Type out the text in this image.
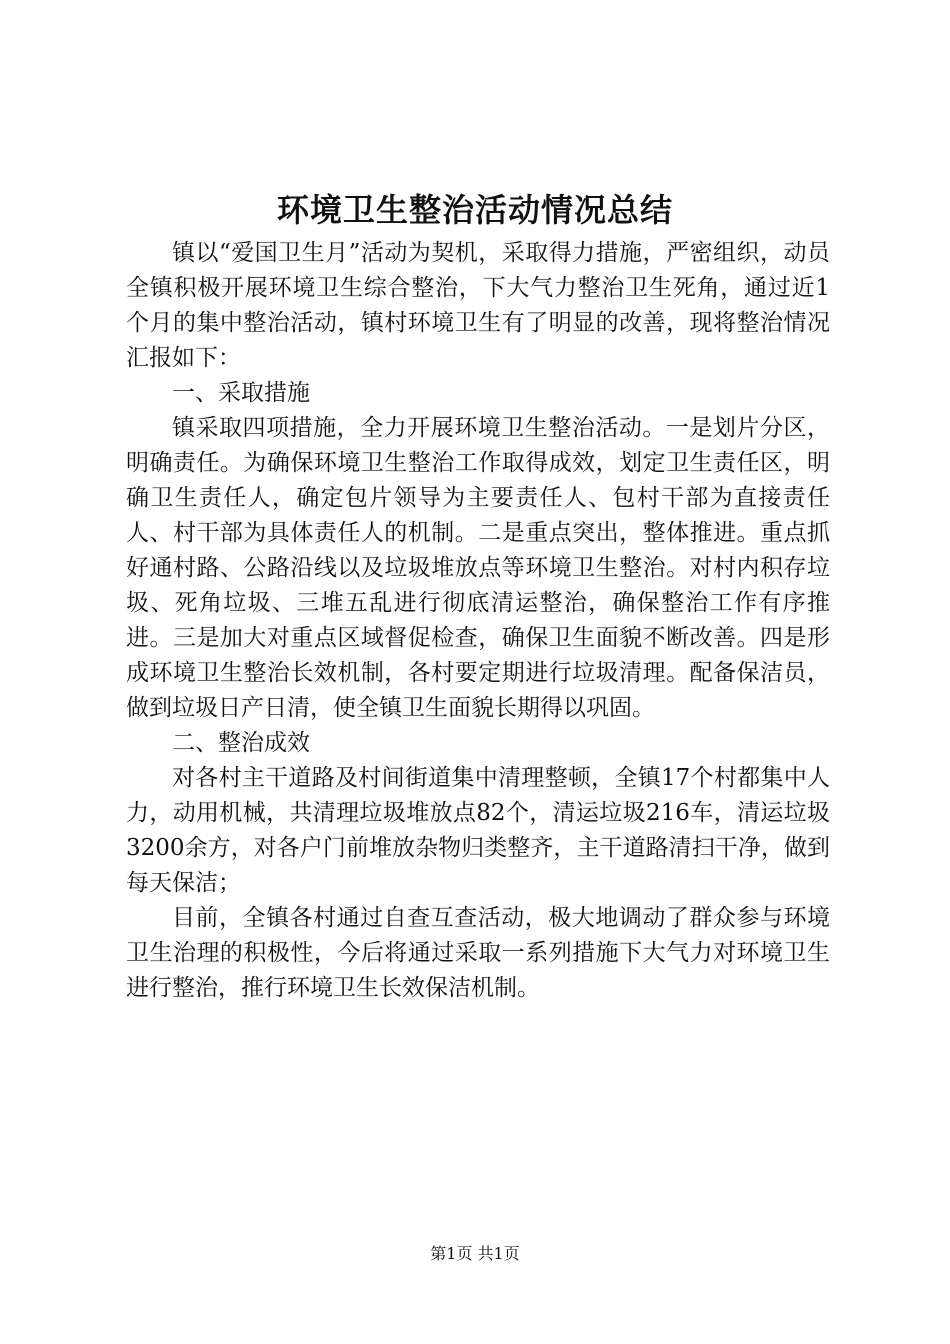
环境卫生整治活动情况总结

镇以“爱国卫生月”活动为契机，采取得力措施，严密组织，动员全镇积极开展环境卫生综合整治，下大气力整治卫生死角，通过近1个月的集中整治活动，镇村环境卫生有了明显的改善，现将整治情况汇报如下：

一、采取措施

镇采取四项措施，全力开展环境卫生整治活动。一是划片分区，明确责任。为确保环境卫生整治工作取得成效，划定卫生责任区，明确卫生责任人，确定包片领导为主要责任人、包村干部为直接责任人、村干部为具体责任人的机制。二是重点突出，整体推进。重点抓好通村路、公路沿线以及垃圾堆放点等环境卫生整治。对村内积存垃圾、死角垃圾、三堆五乱进行彻底清运整治，确保整治工作有序推进。三是加大对重点区域督促检查，确保卫生面貌不断改善。四是形成环境卫生整治长效机制，各村要定期进行垃圾清理。配备保洁员，做到垃圾日产日清，使全镇卫生面貌长期得以巩固。

二、整治成效

对各村主干道路及村间街道集中清理整顿，全镇17个村都集中人力，动用机械，共清理垃圾堆放点82个，清运垃圾216车，清运垃圾3200余方，对各户门前堆放杂物归类整齐，主干道路清扫干净，做到每天保洁；

目前，全镇各村通过自查互查活动，极大地调动了群众参与环境卫生治理的积极性，今后将通过采取一系列措施下大气力对环境卫生进行整治，推行环境卫生长效保洁机制。

第1页 共1页
